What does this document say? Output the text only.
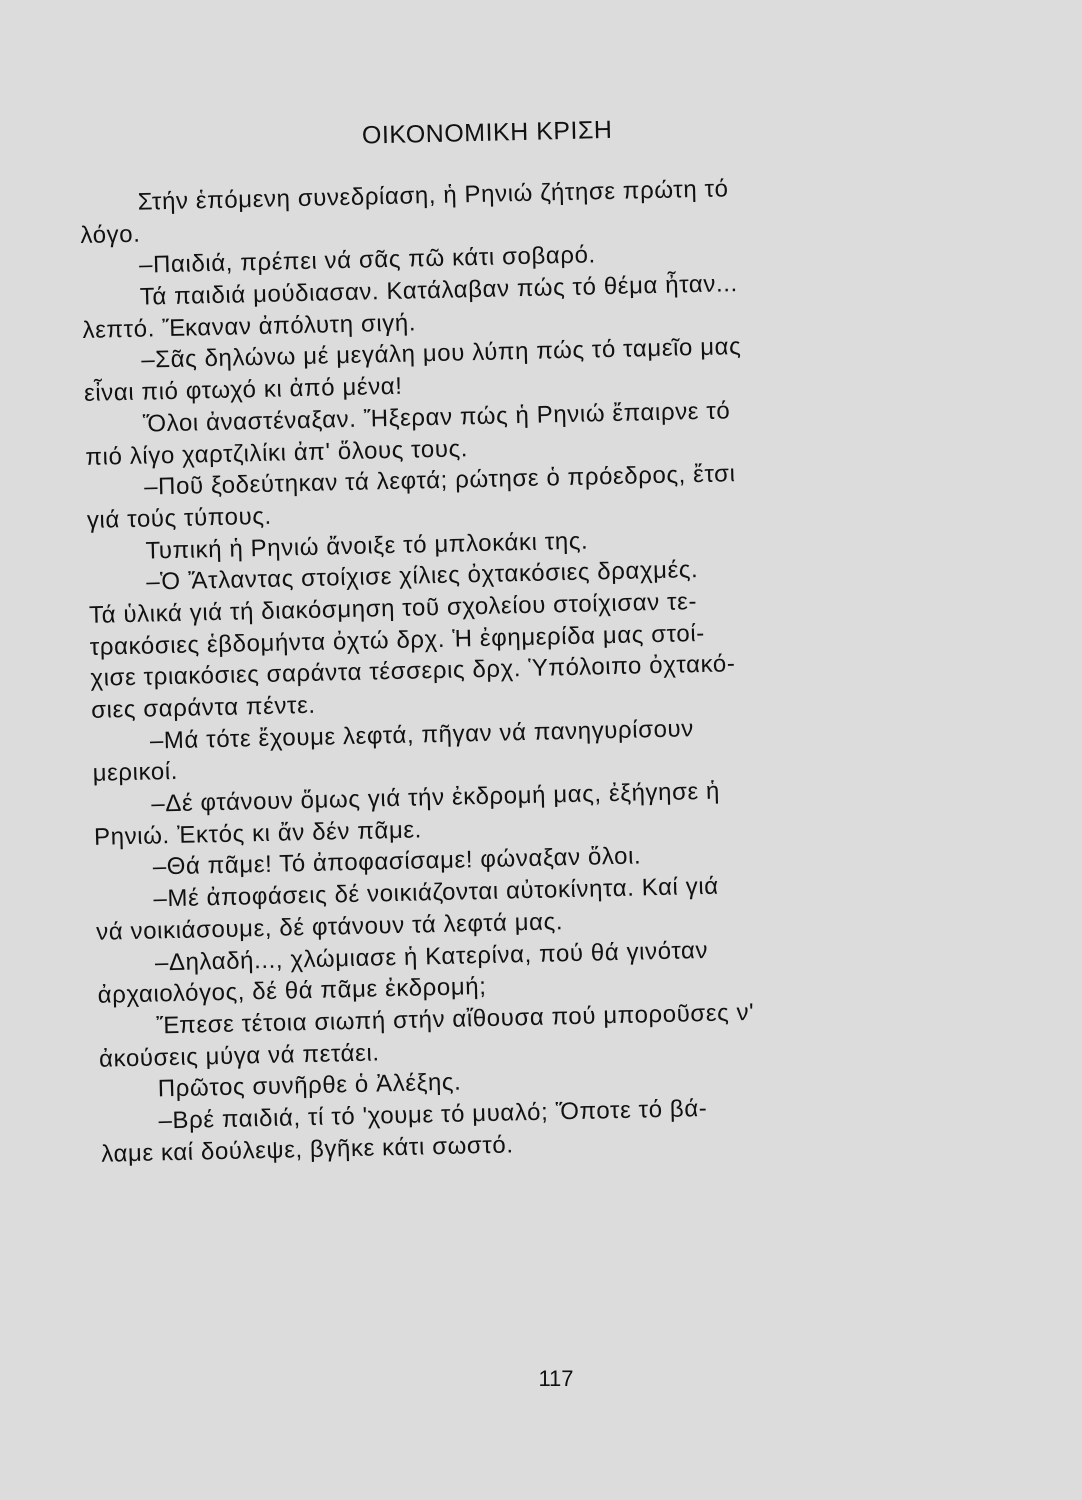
ΟΙΚΟΝΟΜΙΚΗ ΚΡΙΣΗ
Στήν ἑπόμενη συνεδρίαση, ἡ Ρηνιώ ζήτησε πρώτη τό
λόγο.
–Παιδιά, πρέπει νά σᾶς πῶ κάτι σοβαρό.
Τά παιδιά μούδιασαν. Κατάλαβαν πώς τό θέμα ἦταν...
λεπτό. Ἔκαναν ἀπόλυτη σιγή.
–Σᾶς δηλώνω μέ μεγάλη μου λύπη πώς τό ταμεῖο μας
εἶναι πιό φτωχό κι ἀπό μένα!
Ὅλοι ἀναστέναξαν. Ἤξεραν πώς ἡ Ρηνιώ ἔπαιρνε τό
πιό λίγο χαρτζιλίκι ἀπ' ὅλους τους.
–Ποῦ ξοδεύτηκαν τά λεφτά; ρώτησε ὁ πρόεδρος, ἔτσι
γιά τούς τύπους.
Τυπική ἡ Ρηνιώ ἄνοιξε τό μπλοκάκι της.
–Ὁ Ἄτλαντας στοίχισε χίλιες ὀχτακόσιες δραχμές.
Τά ὑλικά γιά τή διακόσμηση τοῦ σχολείου στοίχισαν τε-
τρακόσιες ἑβδομήντα ὀχτώ δρχ. Ἡ ἐφημερίδα μας στοί-
χισε τριακόσιες σαράντα τέσσερις δρχ. Ὑπόλοιπο ὀχτακό-
σιες σαράντα πέντε.
–Μά τότε ἔχουμε λεφτά, πῆγαν νά πανηγυρίσουν
μερικοί.
–Δέ φτάνουν ὅμως γιά τήν ἐκδρομή μας, ἐξήγησε ἡ
Ρηνιώ. Ἐκτός κι ἄν δέν πᾶμε.
–Θά πᾶμε! Τό ἀποφασίσαμε! φώναξαν ὅλοι.
–Μέ ἀποφάσεις δέ νοικιάζονται αὐτοκίνητα. Καί γιά
νά νοικιάσουμε, δέ φτάνουν τά λεφτά μας.
–Δηλαδή..., χλώμιασε ἡ Κατερίνα, πού θά γινόταν
ἀρχαιολόγος, δέ θά πᾶμε ἐκδρομή;
Ἔπεσε τέτοια σιωπή στήν αἴθουσα πού μποροῦσες ν'
ἀκούσεις μύγα νά πετάει.
Πρῶτος συνῆρθε ὁ Ἀλέξης.
–Βρέ παιδιά, τί τό 'χουμε τό μυαλό; Ὅποτε τό βά-
λαμε καί δούλεψε, βγῆκε κάτι σωστό.
117
